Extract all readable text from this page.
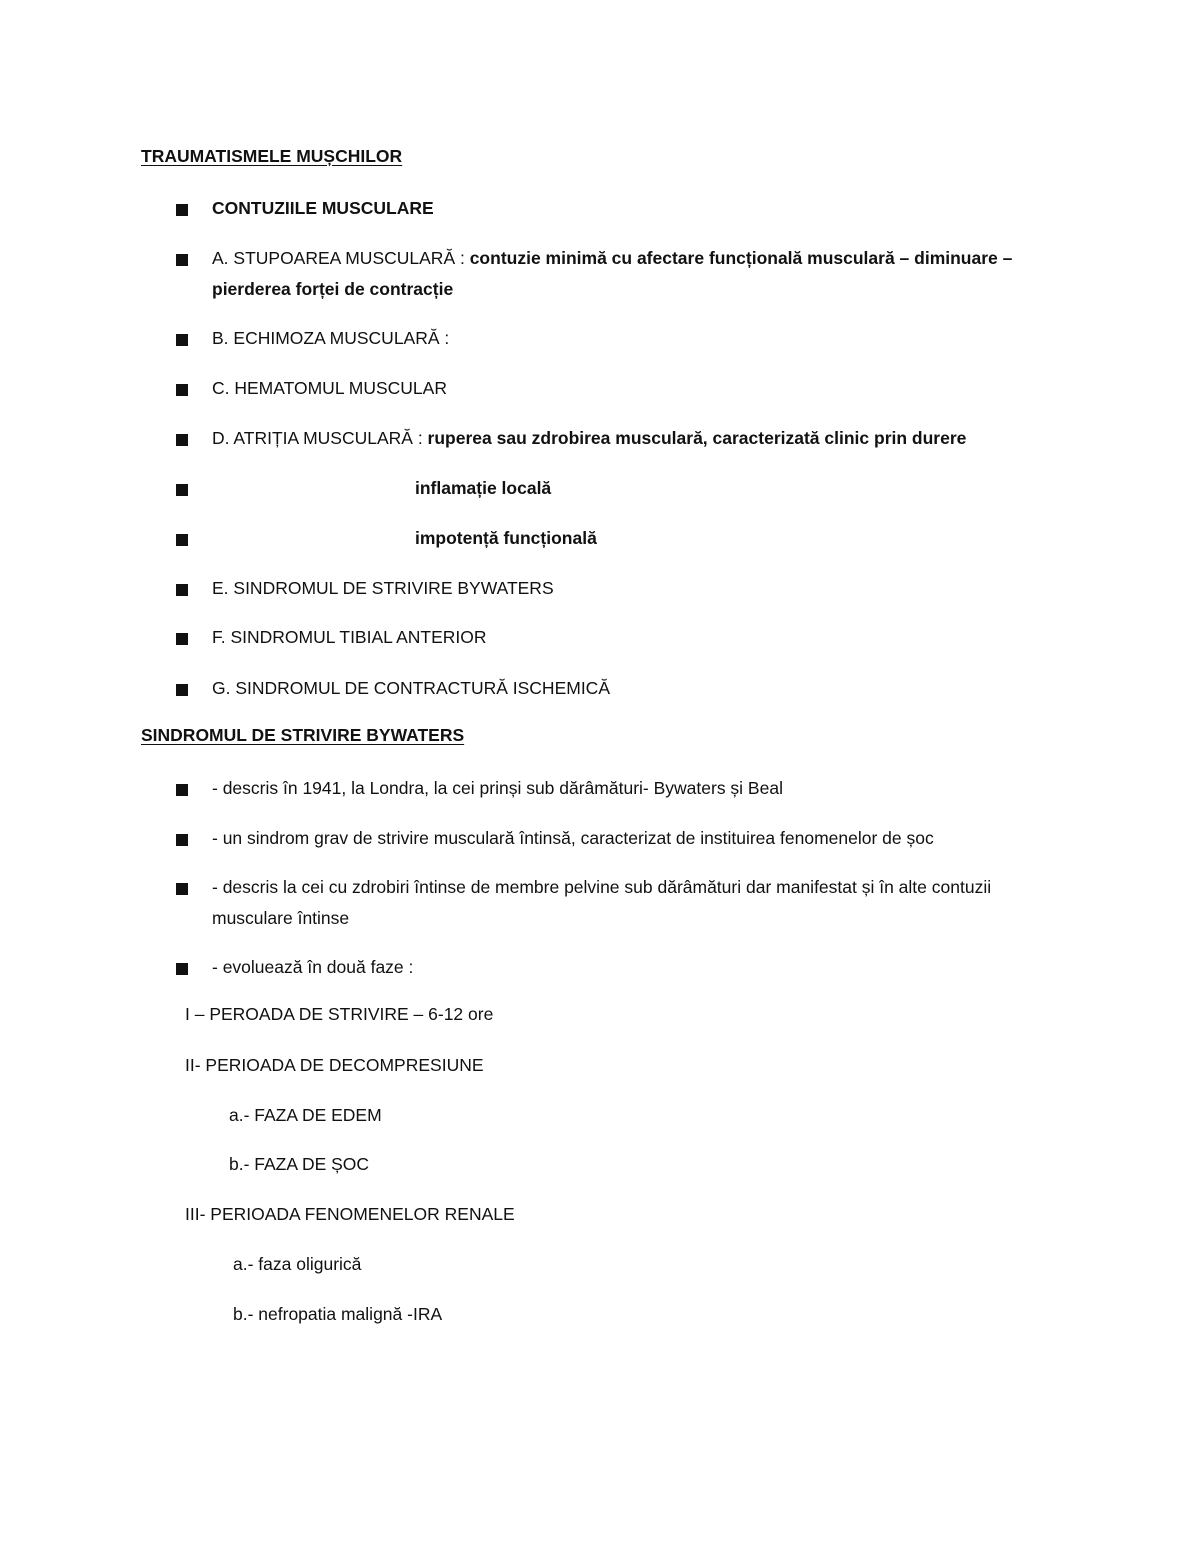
TRAUMATISMELE MUȘCHILOR
CONTUZIILE MUSCULARE
A. STUPOAREA MUSCULARĂ : contuzie minimă cu afectare funcțională musculară – diminuare – pierderea forței de contracție
B. ECHIMOZA MUSCULARĂ :
C. HEMATOMUL MUSCULAR
D. ATRIȚIA MUSCULARĂ : ruperea sau zdrobirea musculară, caracterizată clinic prin durere
inflamație locală
impotență funcțională
E. SINDROMUL DE STRIVIRE BYWATERS
F. SINDROMUL TIBIAL ANTERIOR
G. SINDROMUL DE CONTRACTURĂ ISCHEMICĂ
SINDROMUL DE STRIVIRE BYWATERS
- descris în 1941, la Londra, la cei prinși sub dărâmături- Bywaters și Beal
- un sindrom grav de strivire musculară întinsă, caracterizat de instituirea fenomenelor de șoc
- descris la cei cu zdrobiri întinse de membre pelvine sub dărâmături dar manifestat și în alte contuzii musculare întinse
- evoluează în două faze :
I – PEROADA DE STRIVIRE – 6-12 ore
II- PERIOADA DE DECOMPRESIUNE
a.- FAZA DE EDEM
b.- FAZA DE ȘOC
III- PERIOADA FENOMENELOR RENALE
a.- faza oligurică
b.- nefropatia malignă -IRA
